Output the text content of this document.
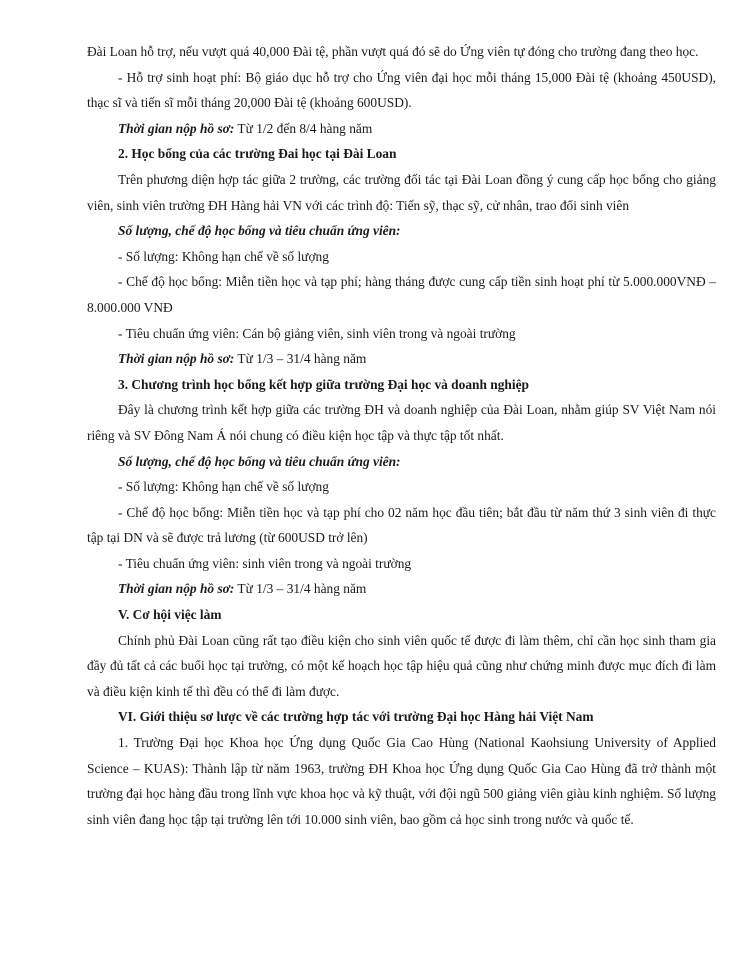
Đài Loan hỗ trợ, nếu vượt quá 40,000 Đài tệ, phần vượt quá đó sẽ do Ứng viên tự đóng cho trường đang theo học.

- Hỗ trợ sinh hoạt phí: Bộ giáo dục hỗ trợ cho Ứng viên đại học mỗi tháng 15,000 Đài tệ (khoảng 450USD), thạc sĩ và tiến sĩ mỗi tháng 20,000 Đài tệ (khoảng 600USD).

Thời gian nộp hồ sơ: Từ 1/2 đến 8/4 hàng năm

2. Học bổng của các trường Đai học tại Đài Loan

Trên phương diện hợp tác giữa 2 trường, các trường đối tác tại Đài Loan đồng ý cung cấp học bổng cho giảng viên, sinh viên trường ĐH Hàng hải VN với các trình độ: Tiến sỹ, thạc sỹ, cử nhân, trao đổi sinh viên

Số lượng, chế độ học bổng và tiêu chuẩn ứng viên:

- Số lượng: Không hạn chế về số lượng

- Chế độ học bổng: Miễn tiền học và tạp phí; hàng tháng được cung cấp tiền sinh hoạt phí từ 5.000.000VNĐ – 8.000.000 VNĐ

- Tiêu chuẩn ứng viên: Cán bộ giảng viên, sinh viên trong và ngoài trường

Thời gian nộp hồ sơ: Từ 1/3 – 31/4 hàng năm

3. Chương trình học bổng kết hợp giữa trường Đại học và doanh nghiệp

Đây là chương trình kết hợp giữa các trường ĐH và doanh nghiệp của Đài Loan, nhằm giúp SV Việt Nam nói riêng và SV Đông Nam Á nói chung có điều kiện học tập và thực tập tốt nhất.

Số lượng, chế độ học bổng và tiêu chuẩn ứng viên:

- Số lượng: Không hạn chế về số lượng

- Chế độ học bổng: Miễn tiền học và tạp phí cho 02 năm học đầu tiên; bắt đầu từ năm thứ 3 sinh viên đi thực tập tại DN và sẽ được trả lương (từ 600USD trở lên)

- Tiêu chuẩn ứng viên: sinh viên trong và ngoài trường

Thời gian nộp hồ sơ: Từ 1/3 – 31/4 hàng năm

V. Cơ hội việc làm

Chính phủ Đài Loan cũng rất tạo điều kiện cho sinh viên quốc tế được đi làm thêm, chỉ cần học sinh tham gia đầy đủ tất cả các buổi học tại trường, có một kế hoạch học tập hiệu quả cũng như chứng minh được mục đích đi làm và điều kiện kinh tế thì đều có thể đi làm được.

VI. Giới thiệu sơ lược về các trường hợp tác với trường Đại học Hàng hải Việt Nam

1. Trường Đại học Khoa học Ứng dụng Quốc Gia Cao Hùng (National Kaohsiung University of Applied Science – KUAS): Thành lập từ năm 1963, trường ĐH Khoa học Ứng dụng Quốc Gia Cao Hùng đã trở thành một trường đại học hàng đầu trong lĩnh vực khoa học và kỹ thuật, với đội ngũ 500 giảng viên giàu kinh nghiệm. Số lượng sinh viên đang học tập tại trường lên tới 10.000 sinh viên, bao gồm cả học sinh trong nước và quốc tế.
